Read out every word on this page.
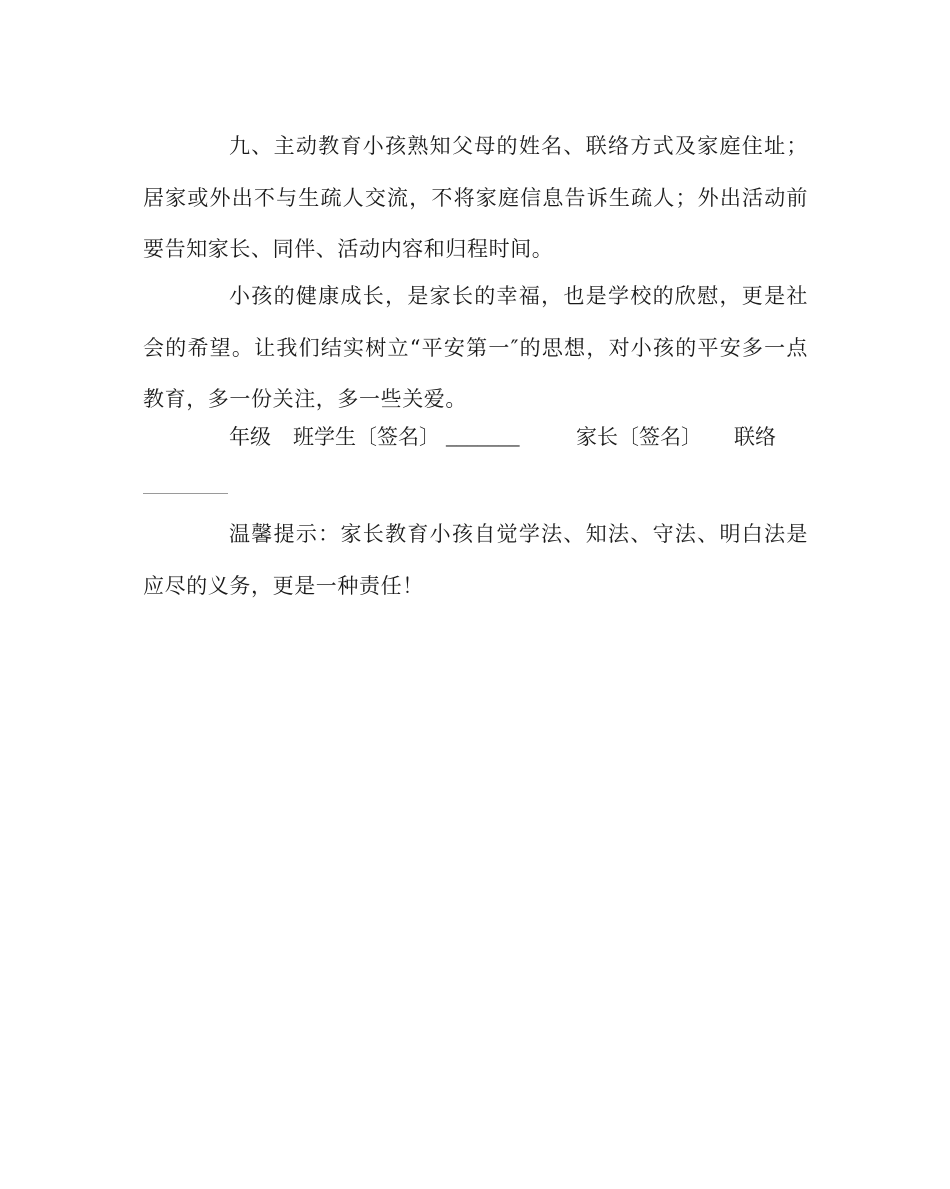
九、主动教育小孩熟知父母的姓名、联络方式及家庭住址；居家或外出不与生疏人交流，不将家庭信息告诉生疏人；外出活动前要告知家长、同伴、活动内容和归程时间。

小孩的健康成长，是家长的幸福，也是学校的欣慰，更是社会的希望。让我们结实树立“平安第一″的思想，对小孩的平安多一点教育，多一份关注，多一些关爱。

年级 班学生〔签名〕 _______	家长〔签名〕 联络

温馨提示：家长教育小孩自觉学法、知法、守法、明白法是应尽的义务，更是一种责任！
